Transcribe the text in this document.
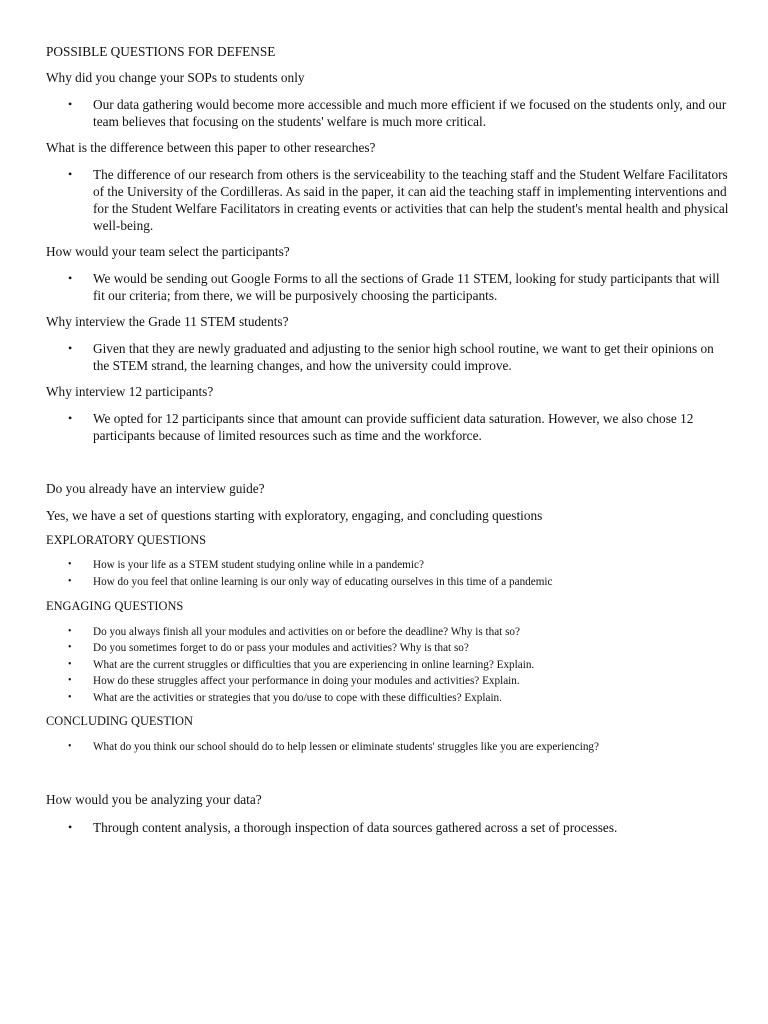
POSSIBLE QUESTIONS FOR DEFENSE
Why did you change your SOPs to students only
• Our data gathering would become more accessible and much more efficient if we focused on the students only, and our team believes that focusing on the students' welfare is much more critical.
What is the difference between this paper to other researches?
• The difference of our research from others is the serviceability to the teaching staff and the Student Welfare Facilitators of the University of the Cordilleras. As said in the paper, it can aid the teaching staff in implementing interventions and for the Student Welfare Facilitators in creating events or activities that can help the student's mental health and physical well-being.
How would your team select the participants?
• We would be sending out Google Forms to all the sections of Grade 11 STEM, looking for study participants that will fit our criteria; from there, we will be purposively choosing the participants.
Why interview the Grade 11 STEM students?
• Given that they are newly graduated and adjusting to the senior high school routine, we want to get their opinions on the STEM strand, the learning changes, and how the university could improve.
Why interview 12 participants?
• We opted for 12 participants since that amount can provide sufficient data saturation. However, we also chose 12 participants because of limited resources such as time and the workforce.
Do you already have an interview guide?
Yes, we have a set of questions starting with exploratory, engaging, and concluding questions
EXPLORATORY QUESTIONS
• How is your life as a STEM student studying online while in a pandemic?
• How do you feel that online learning is our only way of educating ourselves in this time of a pandemic
ENGAGING QUESTIONS
• Do you always finish all your modules and activities on or before the deadline? Why is that so?
• Do you sometimes forget to do or pass your modules and activities? Why is that so?
• What are the current struggles or difficulties that you are experiencing in online learning? Explain.
• How do these struggles affect your performance in doing your modules and activities? Explain.
• What are the activities or strategies that you do/use to cope with these difficulties? Explain.
CONCLUDING QUESTION
• What do you think our school should do to help lessen or eliminate students' struggles like you are experiencing?
How would you be analyzing your data?
• Through content analysis, a thorough inspection of data sources gathered across a set of processes.
